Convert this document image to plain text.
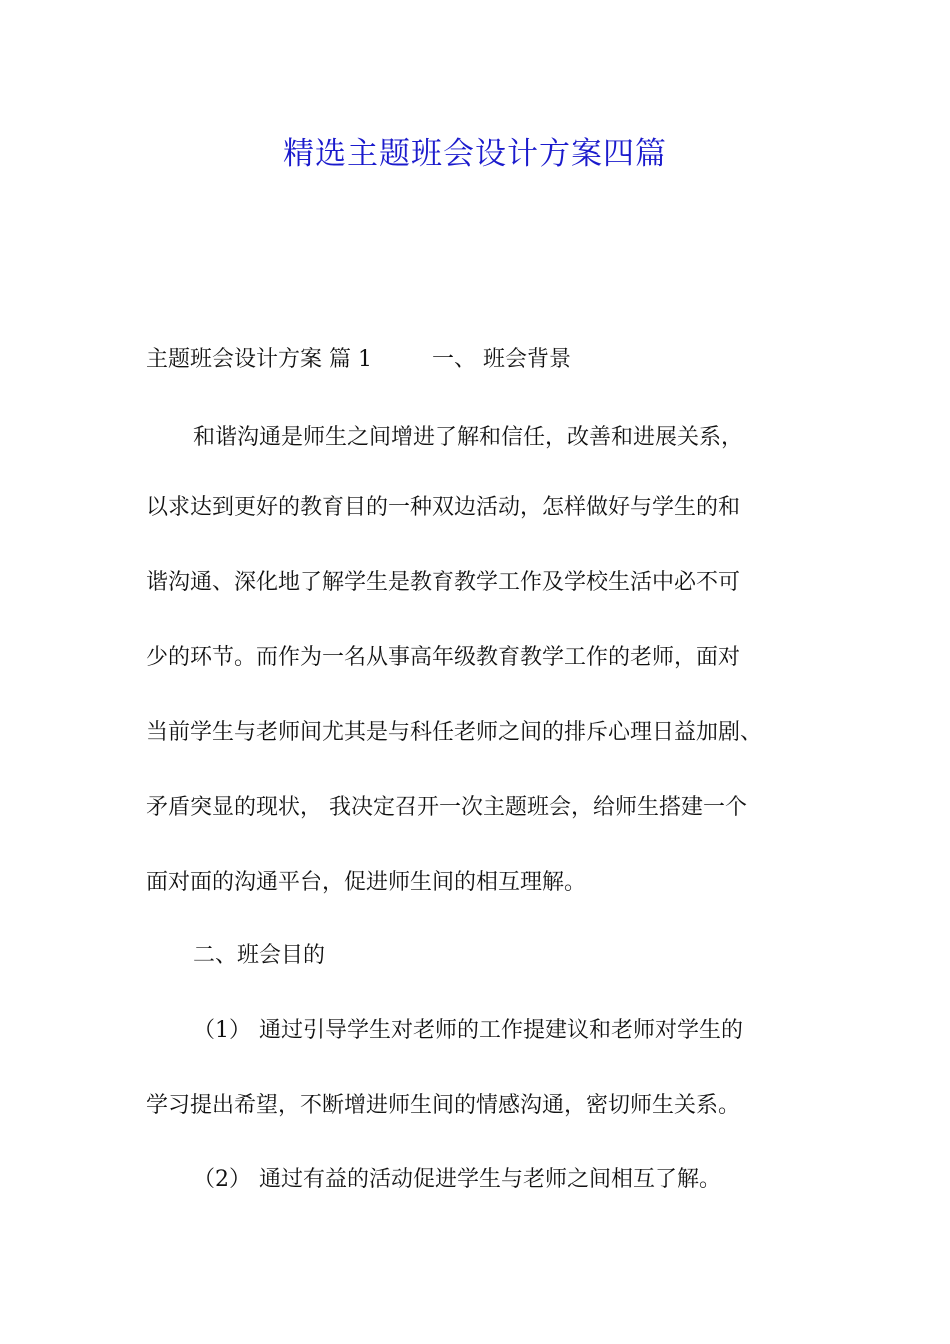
精选主题班会设计方案四篇
主题班会设计方案 篇 1	一、 班会背景
和谐沟通是师生之间增进了解和信任，改善和进展关系，
以求达到更好的教育目的一种双边活动，怎样做好与学生的和
谐沟通、深化地了解学生是教育教学工作及学校生活中必不可
少的环节。而作为一名从事高年级教育教学工作的老师，面对
当前学生与老师间尤其是与科任老师之间的排斥心理日益加剧、
矛盾突显的现状， 我决定召开一次主题班会，给师生搭建一个
面对面的沟通平台，促进师生间的相互理解。
二、班会目的
（1） 通过引导学生对老师的工作提建议和老师对学生的
学习提出希望，不断增进师生间的情感沟通，密切师生关系。
（2） 通过有益的活动促进学生与老师之间相互了解。
